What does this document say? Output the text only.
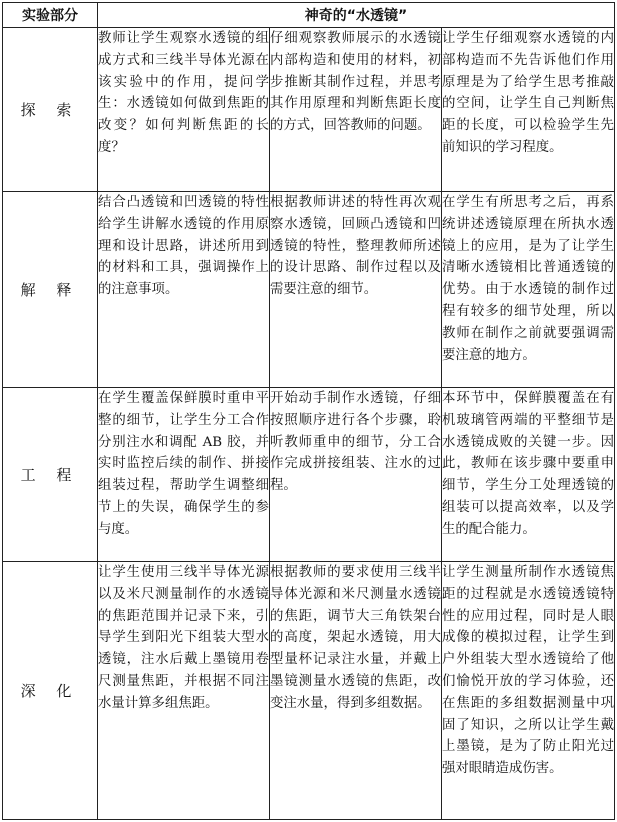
实验部分	神奇的“水透镜”		
探 索	教师让学生观察水透镜的组成方式和三线半导体光源在该实验中的作用，提问学生：水透镜如何做到焦距的改变？如何判断焦距的长度？	仔细观察教师展示的水透镜内部构造和使用的材料，初步推断其制作过程，并思考其作用原理和判断焦距长度的方式，回答教师的问题。	让学生仔细观察水透镜的内部构造而不先告诉他们作用原理是为了给学生思考推敲的空间，让学生自己判断焦距的长度，可以检验学生先前知识的学习程度。
解 释	结合凸透镜和凹透镜的特性给学生讲解水透镜的作用原理和设计思路，讲述所用到的材料和工具，强调操作上的注意事项。	根据教师讲述的特性再次观察水透镜，回顾凸透镜和凹透镜的特性，整理教师所述的设计思路、制作过程以及需要注意的细节。	在学生有所思考之后，再系统讲述透镜原理在所执水透镜上的应用，是为了让学生清晰水透镜相比普通透镜的优势。由于水透镜的制作过程有较多的细节处理，所以教师在制作之前就要强调需要注意的地方。
工 程	在学生覆盖保鲜膜时重申平整的细节，让学生分工合作分别注水和调配 AB 胶，并实时监控后续的制作、拼接组装过程，帮助学生调整细节上的失误，确保学生的参与度。	开始动手制作水透镜，仔细按照顺序进行各个步骤，聆听教师重申的细节，分工合作完成拼接组装、注水的过程。	本环节中，保鲜膜覆盖在有机玻璃管两端的平整细节是水透镜成败的关键一步。因此，教师在该步骤中要重申细节，学生分工处理透镜的组装可以提高效率，以及学生的配合能力。
深 化	让学生使用三线半导体光源以及米尺测量制作的水透镜的焦距范围并记录下来，引导学生到阳光下组装大型水透镜，注水后戴上墨镜用卷尺测量焦距，并根据不同注水量计算多组焦距。	根据教师的要求使用三线半导体光源和米尺测量水透镜的焦距，调节大三角铁架台的高度，架起水透镜，用大型量杯记录注水量，并戴上墨镜测量水透镜的焦距，改变注水量，得到多组数据。	让学生测量所制作水透镜焦距的过程就是水透镜透镜特性的应用过程，同时是人眼成像的模拟过程，让学生到户外组装大型水透镜给了他们愉悦开放的学习体验，还在焦距的多组数据测量中巩固了知识，之所以让学生戴上墨镜，是为了防止阳光过强对眼睛造成伤害。
